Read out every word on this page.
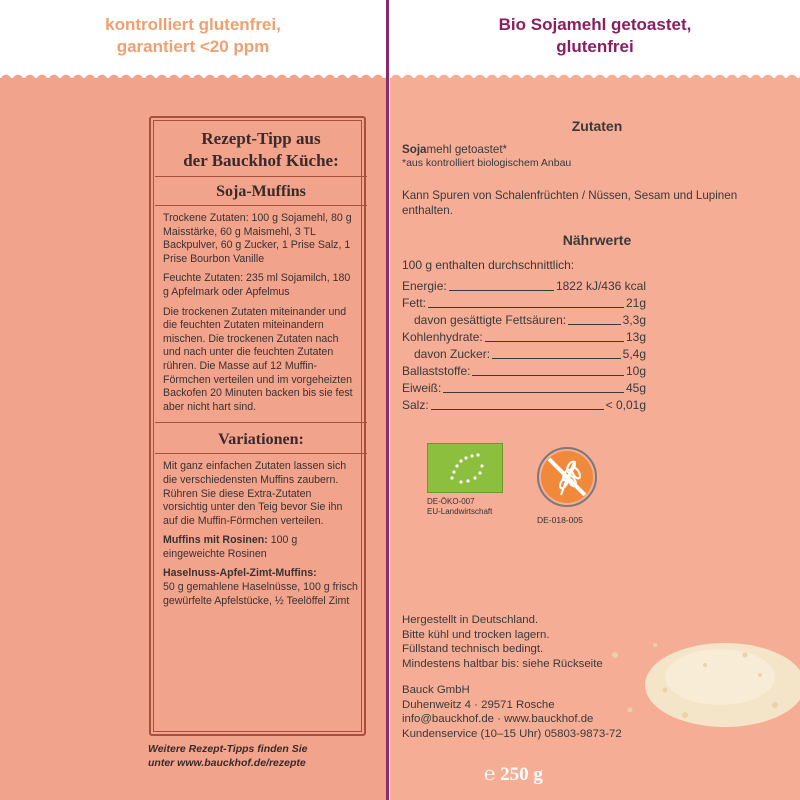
kontrolliert glutenfrei,
garantiert <20 ppm
Bio Sojamehl getoastet,
glutenfrei
Rezept-Tipp aus
der Bauckhof Küche:
Soja-Muffins
Trockene Zutaten: 100 g Sojamehl, 80 g Maisstärke, 60 g Maismehl, 3 TL Backpulver, 60 g Zucker, 1 Prise Salz, 1 Prise Bourbon Vanille
Feuchte Zutaten: 235 ml Sojamilch, 180 g Apfelmark oder Apfelmus
Die trockenen Zutaten miteinander und die feuchten Zutaten miteinandern mischen. Die trockenen Zutaten nach und nach unter die feuchten Zutaten rühren. Die Masse auf 12 Muffin-Förmchen verteilen und im vorgeheizten Backofen 20 Minuten backen bis sie fest aber nicht hart sind.
Variationen:
Mit ganz einfachen Zutaten lassen sich die verschiedensten Muffins zaubern. Rühren Sie diese Extra-Zutaten vorsichtig unter den Teig bevor Sie ihn auf die Muffin-Förmchen verteilen.
Muffins mit Rosinen: 100 g eingeweichte Rosinen
Haselnuss-Apfel-Zimt-Muffins:
50 g gemahlene Haselnüsse, 100 g frisch gewürfelte Apfelstücke, ½ Teelöffel Zimt
Weitere Rezept-Tipps finden Sie
unter www.bauckhof.de/rezepte
Zutaten
Sojamehl getoastet*
*aus kontrolliert biologischem Anbau
Kann Spuren von Schalenfrüchten / Nüssen, Sesam und Lupinen enthalten.
Nährwerte
100 g enthalten durchschnittlich:
Energie:	1822 kJ/436 kcal
Fett:	21g
davon gesättigte Fettsäuren:	3,3g
Kohlenhydrate:	13g
davon Zucker:	5,4g
Ballaststoffe:	10g
Eiweiß:	45g
Salz:	< 0,01g
DE-ÖKO-007
EU-Landwirtschaft
DE-018-005
Hergestellt in Deutschland.
Bitte kühl und trocken lagern.
Füllstand technisch bedingt.
Mindestens haltbar bis: siehe Rückseite
Bauck GmbH
Duhenweitz 4 · 29571 Rosche
info@bauckhof.de · www.bauckhof.de
Kundenservice (10–15 Uhr) 05803-9873-72
℮ 250 g
